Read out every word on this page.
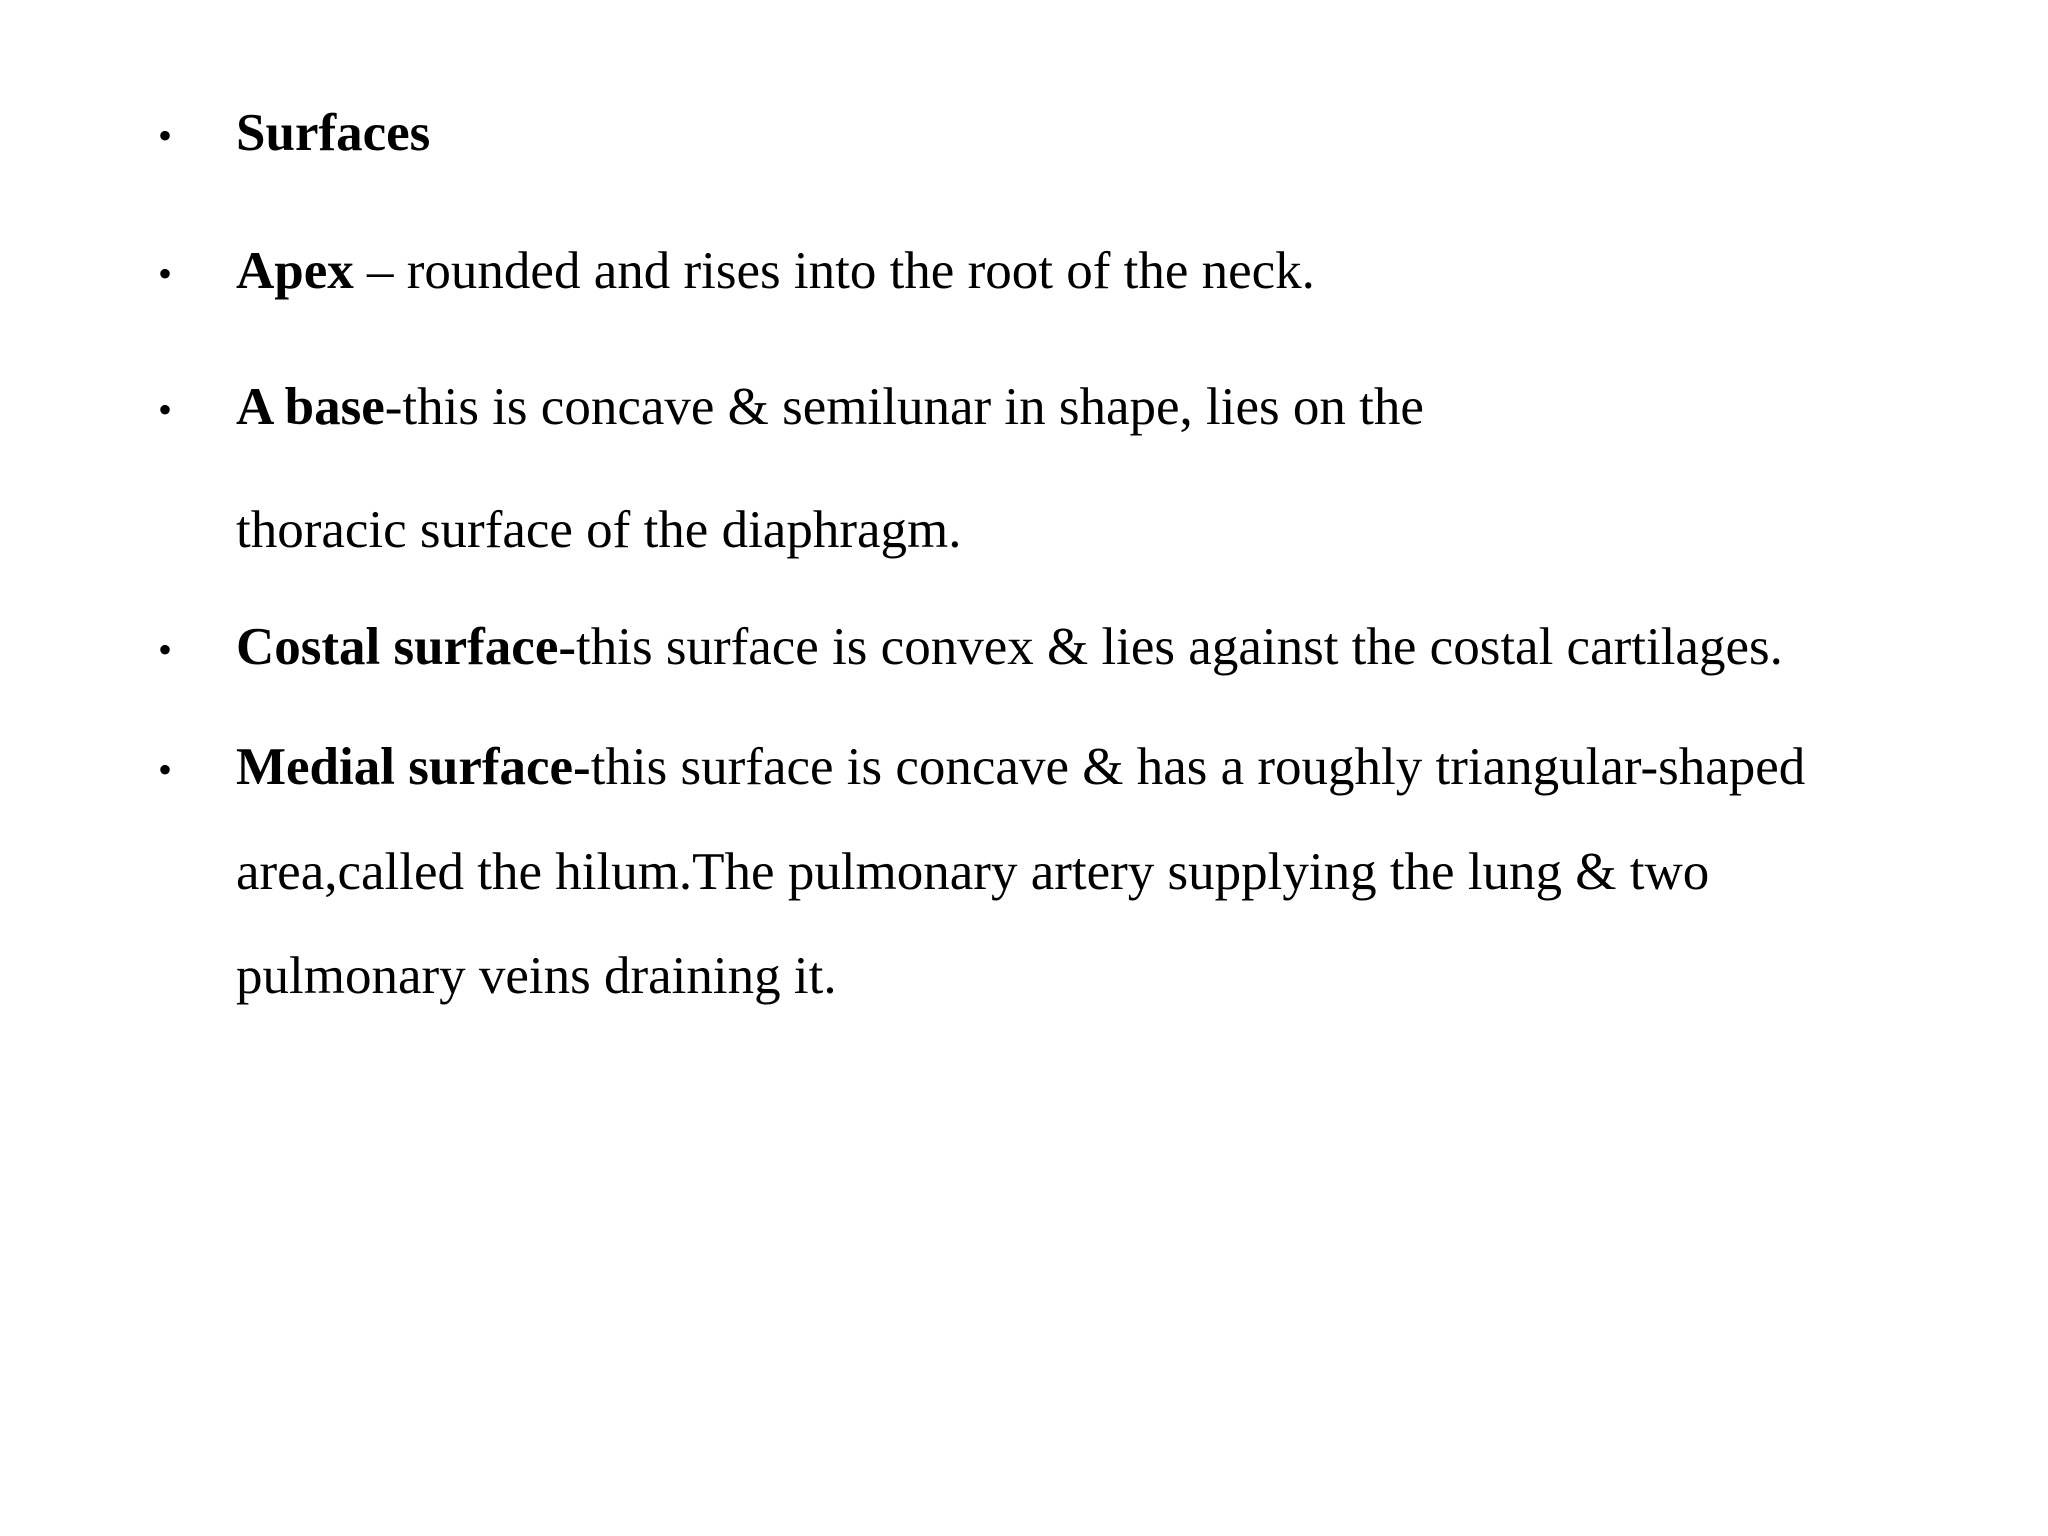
• Surfaces
• Apex – rounded and rises into the root of the neck.
• A base-this is concave & semilunar in shape, lies on the
thoracic surface of the diaphragm.
• Costal surface-this surface is convex & lies against the costal cartilages.
• Medial surface-this surface is concave & has a roughly triangular-shaped
area,called the hilum.The pulmonary artery supplying the lung & two
pulmonary veins draining it.
